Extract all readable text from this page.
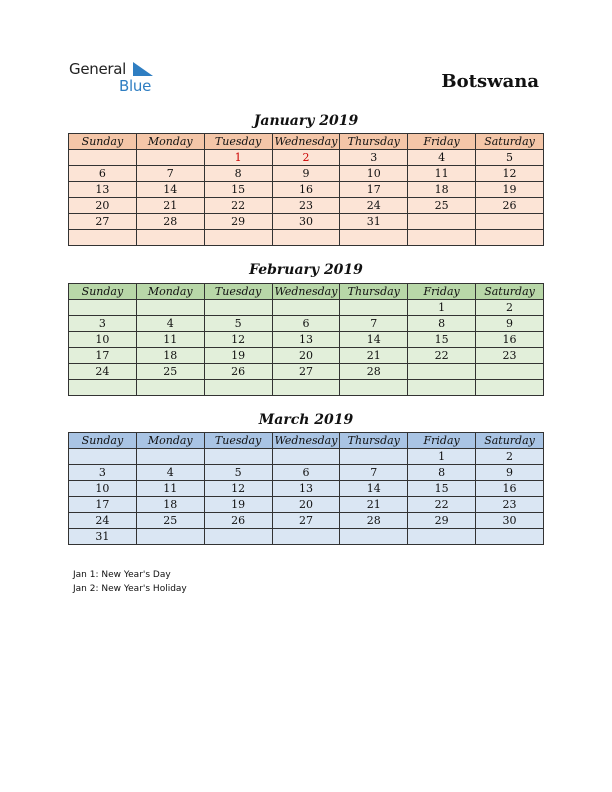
General
Blue	Botswana
January 2019
Sunday	Monday	Tuesday	Wednesday	Thursday	Friday	Saturday
		1	2	3	4	5
6	7	8	9	10	11	12
13	14	15	16	17	18	19
20	21	22	23	24	25	26
27	28	29	30	31		

February 2019
Sunday	Monday	Tuesday	Wednesday	Thursday	Friday	Saturday
					1	2
3	4	5	6	7	8	9
10	11	12	13	14	15	16
17	18	19	20	21	22	23
24	25	26	27	28		

March 2019
Sunday	Monday	Tuesday	Wednesday	Thursday	Friday	Saturday
					1	2
3	4	5	6	7	8	9
10	11	12	13	14	15	16
17	18	19	20	21	22	23
24	25	26	27	28	29	30
31						
Jan 1: New Year's Day
Jan 2: New Year's Holiday
